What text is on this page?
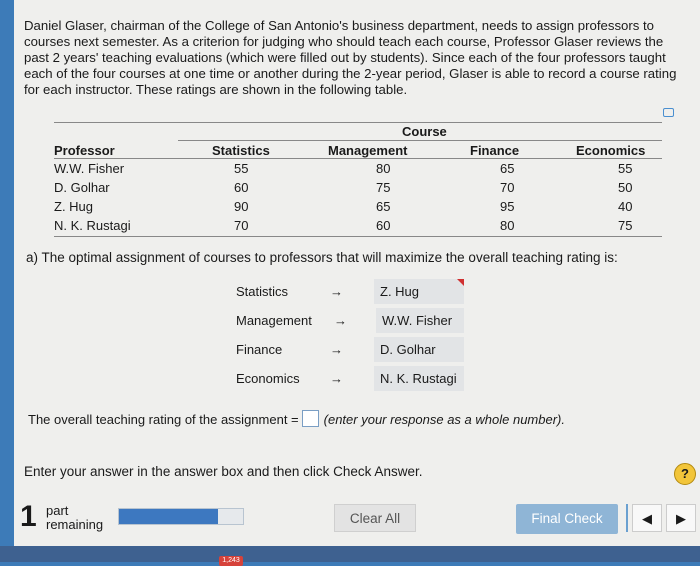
Daniel Glaser, chairman of the College of San Antonio's business department, needs to assign professors to courses next semester. As a criterion for judging who should teach each course, Professor Glaser reviews the past 2 years' teaching evaluations (which were filled out by students). Since each of the four professors taught each of the four courses at one time or another during the 2-year period, Glaser is able to record a course rating for each instructor. These ratings are shown in the following table.
Course
Professor	Statistics	Management	Finance	Economics
W.W. Fisher	55	80	65	55
D. Golhar	60	75	70	50
Z. Hug	90	65	95	40
N. K. Rustagi	70	60	80	75
a) The optimal assignment of courses to professors that will maximize the overall teaching rating is:
Statistics	→	Z. Hug
Management →	W.W. Fisher
Finance	→	D. Golhar
Economics →	N. K. Rustagi
The overall teaching rating of the assignment = (enter your response as a whole number).
Enter your answer in the answer box and then click Check Answer.	?
1 part
remaining	Clear All	Final Check	◀	▶
1,243
